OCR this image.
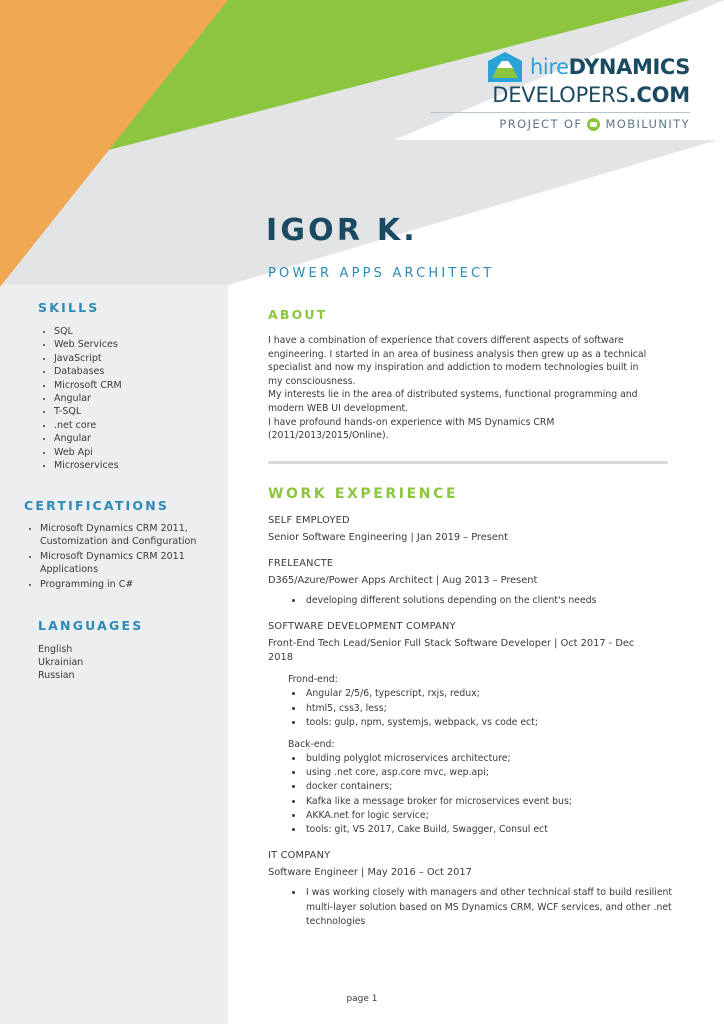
hireDYNAMICS
DEVELOPERS.COM
PROJECT OF MOBILUNITY
SKILLS
• SQL
• Web Services
• JavaScript
• Databases
• Microsoft CRM
• Angular
• T-SQL
• .net core
• Angular
• Web Api
• Microservices
CERTIFICATIONS
• Microsoft Dynamics CRM 2011, Customization and Configuration
• Microsoft Dynamics CRM 2011 Applications
• Programming in C#
LANGUAGES
English
Ukrainian
Russian
IGOR K.
POWER APPS ARCHITECT
ABOUT

I have a combination of experience that covers different aspects of software engineering. I started in an area of business analysis then grew up as a technical specialist and now my inspiration and addiction to modern technologies built in my consciousness.

My interests lie in the area of distributed systems, functional programming and modern WEB UI development.

I have profound hands-on experience with MS Dynamics CRM (2011/2013/2015/Online).

WORK EXPERIENCE
SELF EMPLOYED
Senior Software Engineering | Jan 2019 – Present
FRELEANCTE
D365/Azure/Power Apps Architect | Aug 2013 – Present
• developing different solutions depending on the client's needs
SOFTWARE DEVELOPMENT COMPANY
Front-End Tech Lead/Senior Full Stack Software Developer | Oct 2017 - Dec 2018
Frond-end:
• Angular 2/5/6, typescript, rxjs, redux;
• html5, css3, less;
• tools: gulp, npm, systemjs, webpack, vs code ect;
Back-end:
• bulding polyglot microservices architecture;
• using .net core, asp.core mvc, wep.api;
• docker containers;
• Kafka like a message broker for microservices event bus;
• AKKA.net for logic service;
• tools: git, VS 2017, Cake Build, Swagger, Consul ect
IT COMPANY
Software Engineer | May 2016 – Oct 2017
• I was working closely with managers and other technical staff to build resilient multi-layer solution based on MS Dynamics CRM, WCF services, and other .net technologies
page 1
